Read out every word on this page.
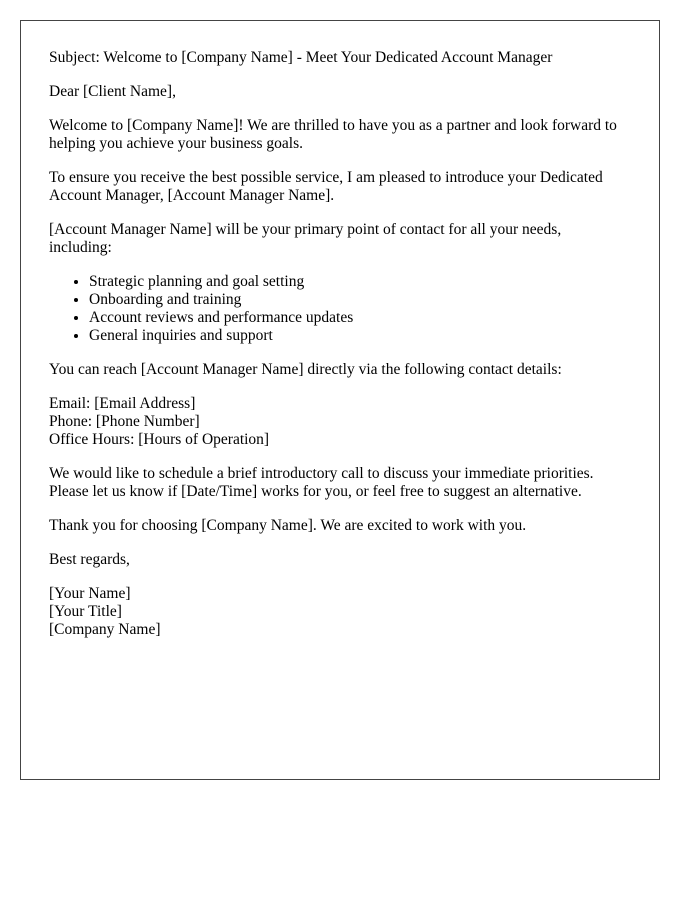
Subject: Welcome to [Company Name] - Meet Your Dedicated Account Manager

Dear [Client Name],

Welcome to [Company Name]! We are thrilled to have you as a partner and look forward to helping you achieve your business goals.

To ensure you receive the best possible service, I am pleased to introduce your Dedicated Account Manager, [Account Manager Name].

[Account Manager Name] will be your primary point of contact for all your needs, including:

• Strategic planning and goal setting
• Onboarding and training
• Account reviews and performance updates
• General inquiries and support

You can reach [Account Manager Name] directly via the following contact details:

Email: [Email Address]
Phone: [Phone Number]
Office Hours: [Hours of Operation]

We would like to schedule a brief introductory call to discuss your immediate priorities. Please let us know if [Date/Time] works for you, or feel free to suggest an alternative.

Thank you for choosing [Company Name]. We are excited to work with you.

Best regards,

[Your Name]
[Your Title]
[Company Name]
